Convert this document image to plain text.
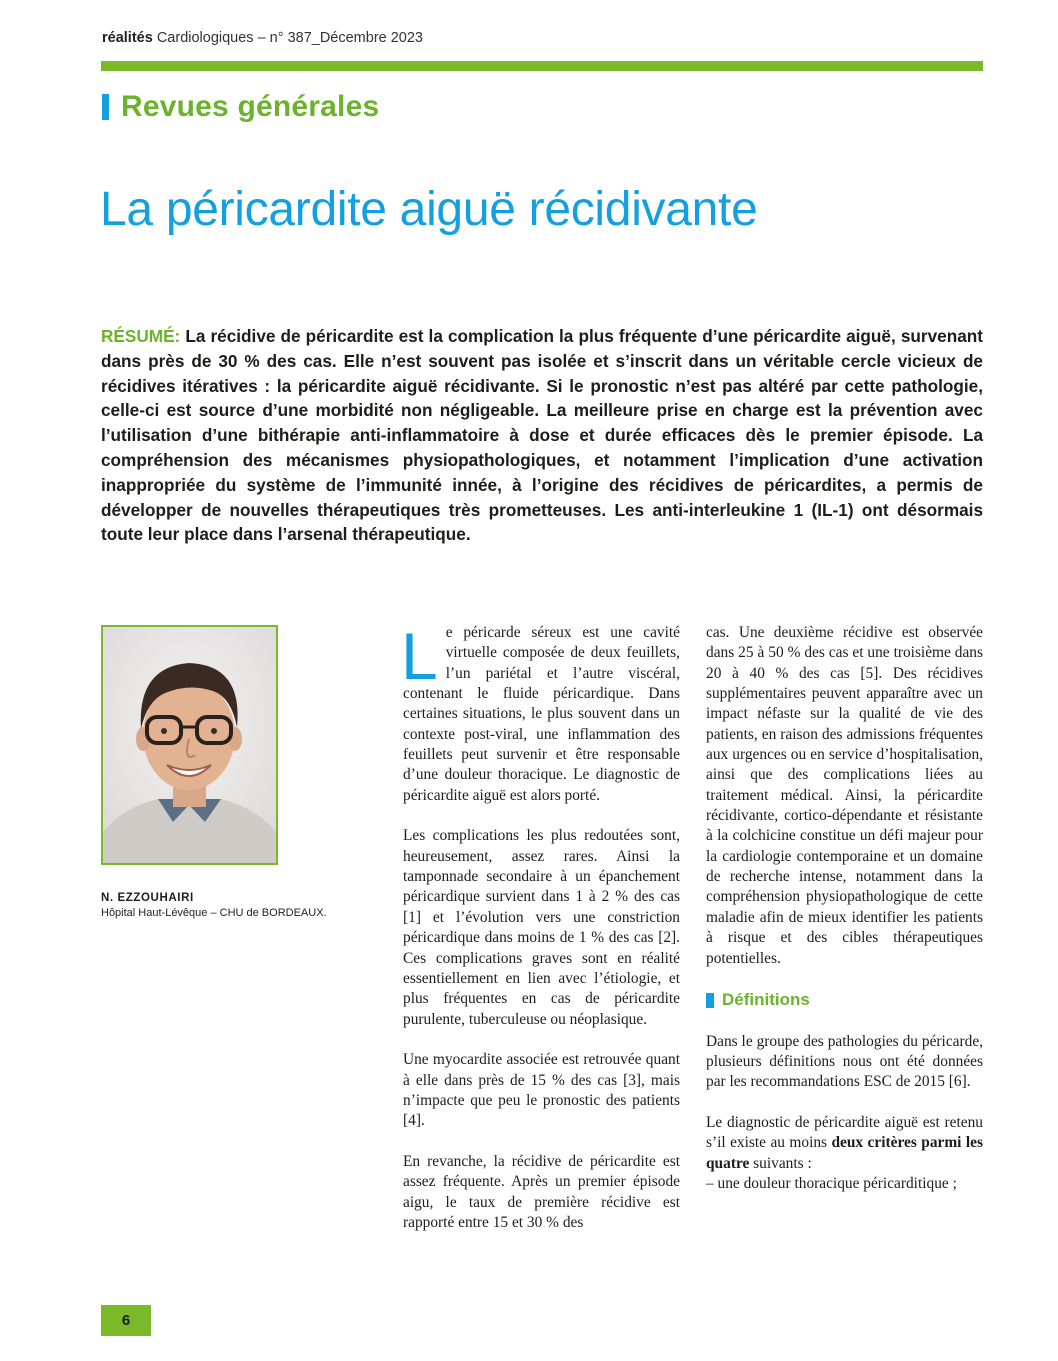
réalités Cardiologiques – n° 387_Décembre 2023
Revues générales
La péricardite aiguë récidivante
RÉSUMÉ: La récidive de péricardite est la complication la plus fréquente d’une péricardite aiguë, survenant dans près de 30 % des cas. Elle n’est souvent pas isolée et s’inscrit dans un véritable cercle vicieux de récidives itératives : la péricardite aiguë récidivante. Si le pronostic n’est pas altéré par cette pathologie, celle-ci est source d’une morbidité non négligeable. La meilleure prise en charge est la prévention avec l’utilisation d’une bithérapie anti-inflammatoire à dose et durée efficaces dès le premier épisode. La compréhension des mécanismes physiopathologiques, et notamment l’implication d’une activation inappropriée du système de l’immunité innée, à l’origine des récidives de péricardites, a permis de développer de nouvelles thérapeutiques très prometteuses. Les anti-interleukine 1 (IL-1) ont désormais toute leur place dans l’arsenal thérapeutique.
N. EZZOUHAIRI
Hôpital Haut-Lévêque – CHU de BORDEAUX.

Le péricarde séreux est une cavité virtuelle composée de deux feuillets, l’un pariétal et l’autre viscéral, contenant le fluide péricardique. Dans certaines situations, le plus souvent dans un contexte post-viral, une inflammation des feuillets peut survenir et être responsable d’une douleur thoracique. Le diagnostic de péricardite aiguë est alors porté.

Les complications les plus redoutées sont, heureusement, assez rares. Ainsi la tamponnade secondaire à un épanchement péricardique survient dans 1 à 2 % des cas [1] et l’évolution vers une constriction péricardique dans moins de 1 % des cas [2]. Ces complications graves sont en réalité essentiellement en lien avec l’étiologie, et plus fréquentes en cas de péricardite purulente, tuberculeuse ou néoplasique.

Une myocardite associée est retrouvée quant à elle dans près de 15 % des cas [3], mais n’impacte que peu le pronostic des patients [4].

En revanche, la récidive de péricardite est assez fréquente. Après un premier épisode aigu, le taux de première récidive est rapporté entre 15 et 30 % des

cas. Une deuxième récidive est observée dans 25 à 50 % des cas et une troisième dans 20 à 40 % des cas [5]. Des récidives supplémentaires peuvent apparaître avec un impact néfaste sur la qualité de vie des patients, en raison des admissions fréquentes aux urgences ou en service d’hospitalisation, ainsi que des complications liées au traitement médical. Ainsi, la péricardite récidivante, cortico-dépendante et résistante à la colchicine constitue un défi majeur pour la cardiologie contemporaine et un domaine de recherche intense, notamment dans la compréhension physiopathologique de cette maladie afin de mieux identifier les patients à risque et des cibles thérapeutiques potentielles.

Définitions

Dans le groupe des pathologies du péricarde, plusieurs définitions nous ont été données par les recommandations ESC de 2015 [6].

Le diagnostic de péricardite aiguë est retenu s’il existe au moins deux critères parmi les quatre suivants :

– une douleur thoracique péricarditique ;

6
